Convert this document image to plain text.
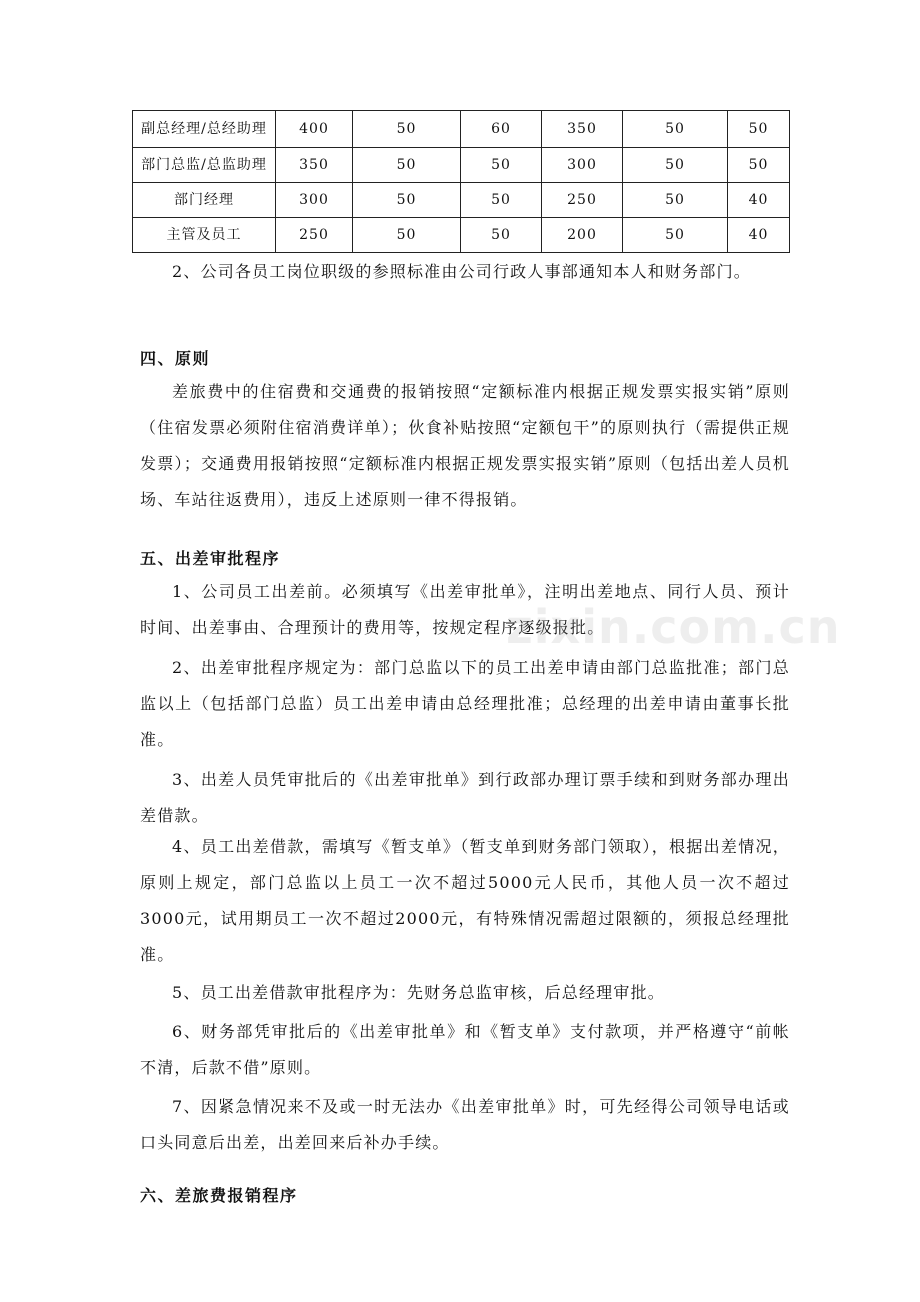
副总经理/总经助理	400	50	60	350	50	50
部门总监/总监助理	350	50	50	300	50	50
部门经理	300	50	50	250	50	40
主管及员工	250	50	50	200	50	40

2、公司各员工岗位职级的参照标准由公司行政人事部通知本人和财务部门。

四、原则

差旅费中的住宿费和交通费的报销按照“定额标准内根据正规发票实报实销”原则（住宿发票必须附住宿消费详单）；伙食补贴按照“定额包干”的原则执行（需提供正规发票）；交通费用报销按照“定额标准内根据正规发票实报实销”原则（包括出差人员机场、车站往返费用），违反上述原则一律不得报销。

五、出差审批程序

1、公司员工出差前。必须填写《出差审批单》，注明出差地点、同行人员、预计时间、出差事由、合理预计的费用等，按规定程序逐级报批。

2、出差审批程序规定为：部门总监以下的员工出差申请由部门总监批准；部门总监以上（包括部门总监）员工出差申请由总经理批准；总经理的出差申请由董事长批准。

3、出差人员凭审批后的《出差审批单》到行政部办理订票手续和到财务部办理出差借款。

4、员工出差借款，需填写《暂支单》（暂支单到财务部门领取），根据出差情况，原则上规定，部门总监以上员工一次不超过5000元人民币，其他人员一次不超过3000元，试用期员工一次不超过2000元，有特殊情况需超过限额的，须报总经理批准。

5、员工出差借款审批程序为：先财务总监审核，后总经理审批。

6、财务部凭审批后的《出差审批单》和《暂支单》支付款项，并严格遵守“前帐不清，后款不借”原则。

7、因紧急情况来不及或一时无法办《出差审批单》时，可先经得公司领导电话或口头同意后出差，出差回来后补办手续。

六、差旅费报销程序
zixin.com.cn
